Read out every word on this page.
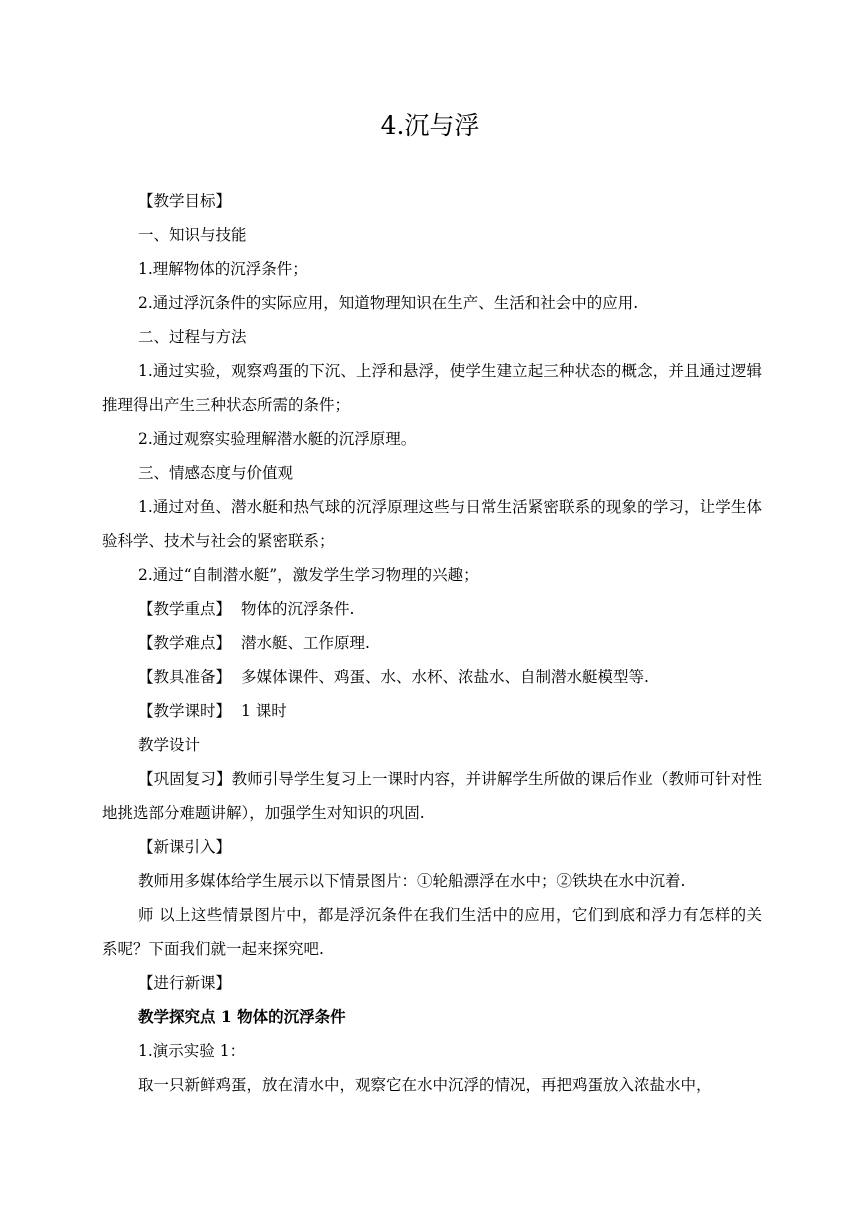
4.沉与浮

【教学目标】

一、知识与技能

1.理解物体的沉浮条件；

2.通过浮沉条件的实际应用，知道物理知识在生产、生活和社会中的应用.

二、过程与方法

1.通过实验，观察鸡蛋的下沉、上浮和悬浮，使学生建立起三种状态的概念，并且通过逻辑推理得出产生三种状态所需的条件；

2.通过观察实验理解潜水艇的沉浮原理。

三、情感态度与价值观

1.通过对鱼、潜水艇和热气球的沉浮原理这些与日常生活紧密联系的现象的学习，让学生体验科学、技术与社会的紧密联系；

2.通过“自制潜水艇”，激发学生学习物理的兴趣；

【教学重点】 物体的沉浮条件.

【教学难点】 潜水艇、工作原理.

【教具准备】 多媒体课件、鸡蛋、水、水杯、浓盐水、自制潜水艇模型等.

【教学课时】 1 课时

教学设计

【巩固复习】教师引导学生复习上一课时内容，并讲解学生所做的课后作业（教师可针对性地挑选部分难题讲解），加强学生对知识的巩固.

【新课引入】

教师用多媒体给学生展示以下情景图片：①轮船漂浮在水中；②铁块在水中沉着.

师 以上这些情景图片中，都是浮沉条件在我们生活中的应用，它们到底和浮力有怎样的关系呢？下面我们就一起来探究吧.

【进行新课】

教学探究点 1 物体的沉浮条件

1.演示实验 1：

取一只新鲜鸡蛋，放在清水中，观察它在水中沉浮的情况，再把鸡蛋放入浓盐水中，
